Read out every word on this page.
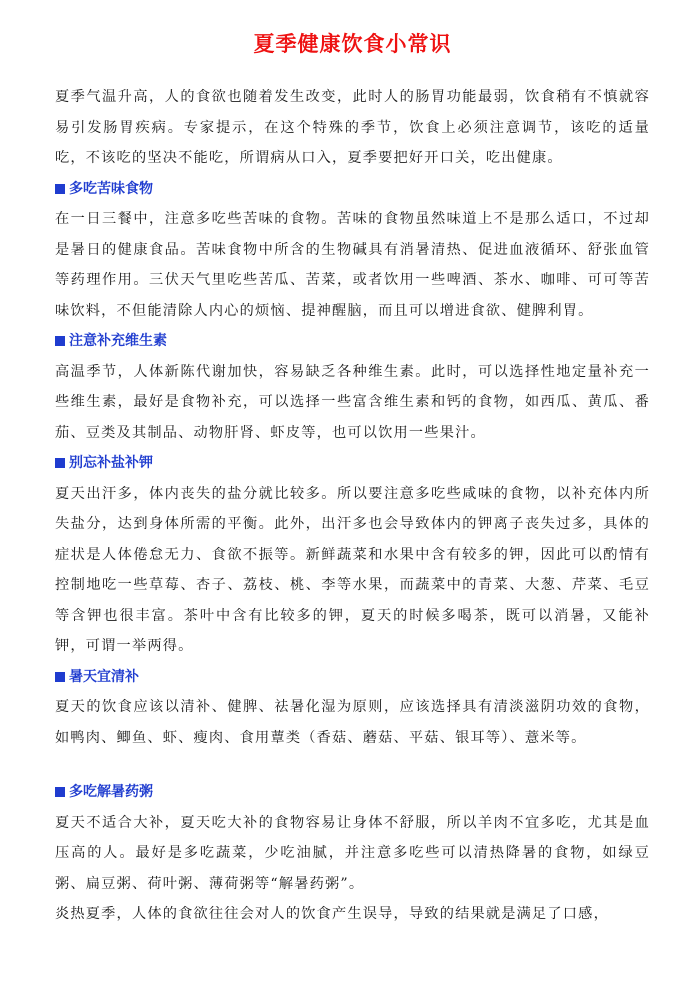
夏季健康饮食小常识

夏季气温升高，人的食欲也随着发生改变，此时人的肠胃功能最弱，饮食稍有不慎就容易引发肠胃疾病。专家提示，在这个特殊的季节，饮食上必须注意调节，该吃的适量吃，不该吃的坚决不能吃，所谓病从口入，夏季要把好开口关，吃出健康。

多吃苦味食物

在一日三餐中，注意多吃些苦味的食物。苦味的食物虽然味道上不是那么适口，不过却是暑日的健康食品。苦味食物中所含的生物碱具有消暑清热、促进血液循环、舒张血管等药理作用。三伏天气里吃些苦瓜、苦菜，或者饮用一些啤酒、茶水、咖啡、可可等苦味饮料，不但能清除人内心的烦恼、提神醒脑，而且可以增进食欲、健脾利胃。

注意补充维生素

高温季节，人体新陈代谢加快，容易缺乏各种维生素。此时，可以选择性地定量补充一些维生素，最好是食物补充，可以选择一些富含维生素和钙的食物，如西瓜、黄瓜、番茄、豆类及其制品、动物肝肾、虾皮等，也可以饮用一些果汁。

别忘补盐补钾

夏天出汗多，体内丧失的盐分就比较多。所以要注意多吃些咸味的食物，以补充体内所失盐分，达到身体所需的平衡。此外，出汗多也会导致体内的钾离子丧失过多，具体的症状是人体倦怠无力、食欲不振等。新鲜蔬菜和水果中含有较多的钾，因此可以酌情有控制地吃一些草莓、杏子、荔枝、桃、李等水果，而蔬菜中的青菜、大葱、芹菜、毛豆等含钾也很丰富。茶叶中含有比较多的钾，夏天的时候多喝茶，既可以消暑，又能补钾，可谓一举两得。

暑天宜清补

夏天的饮食应该以清补、健脾、祛暑化湿为原则，应该选择具有清淡滋阴功效的食物，如鸭肉、鲫鱼、虾、瘦肉、食用蕈类（香菇、蘑菇、平菇、银耳等）、薏米等。

多吃解暑药粥

夏天不适合大补，夏天吃大补的食物容易让身体不舒服，所以羊肉不宜多吃，尤其是血压高的人。最好是多吃蔬菜，少吃油腻，并注意多吃些可以清热降暑的食物，如绿豆粥、扁豆粥、荷叶粥、薄荷粥等“解暑药粥”。

炎热夏季，人体的食欲往往会对人的饮食产生误导，导致的结果就是满足了口感，
